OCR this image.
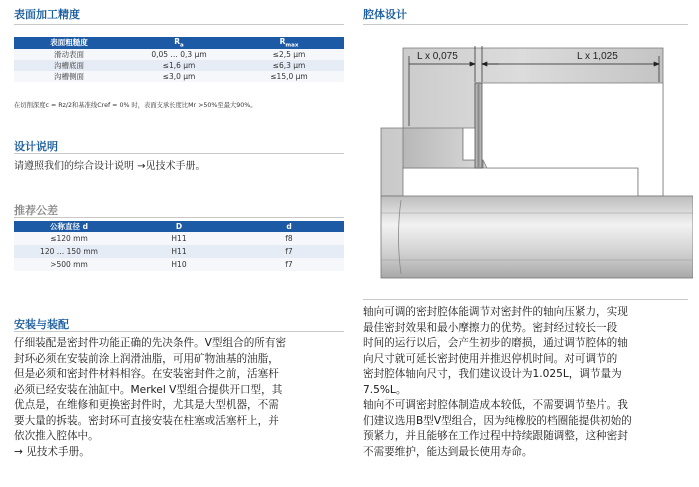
表面加工精度
表面粗糙度	$R_a$	$R_{max}$
滑动表面	0,05 … 0,3 µm	≤2,5 µm
沟槽底面	≤1,6 µm	≤6,3 µm
沟槽侧面	≤3,0 µm	≤15,0 µm
在切削深度c = Rz/2和基准线Cref = 0% 时，表面支承长度比Mr >50%至最大90%。
设计说明
请遵照我们的综合设计说明 →见技术手册。
推荐公差
公称直径 d	D	d
≤120 mm	H11	f8
120 … 150 mm	H11	f7
>500 mm	H10	f7
安装与装配
仔细装配是密封件功能正确的先决条件。V型组合的所有密
封环必须在安装前涂上润滑油脂，可用矿物油基的油脂，
但是必须和密封件材料相容。在安装密封件之前，活塞杆
必须已经安装在油缸中。Merkel V型组合提供开口型，其
优点是，在维修和更换密封件时，尤其是大型机器，不需
要大量的拆装。密封环可直接安装在柱塞或活塞杆上，并
依次推入腔体中。
→ 见技术手册。
腔体设计
L x 0,075	L x 1,025
轴向可调的密封腔体能调节对密封件的轴向压紧力，实现
最佳密封效果和最小摩擦力的优势。密封经过较长一段
时间的运行以后，会产生初步的磨损，通过调节腔体的轴
向尺寸就可延长密封使用并推迟停机时间。对可调节的
密封腔体轴向尺寸，我们建议设计为1.025L，调节量为
7.5%L。
轴向不可调密封腔体制造成本较低，不需要调节垫片。我
们建议选用B型V型组合，因为纯橡胶的档圈能提供初始的
预紧力，并且能够在工作过程中持续跟随调整，这种密封
不需要维护，能达到最长使用寿命。
